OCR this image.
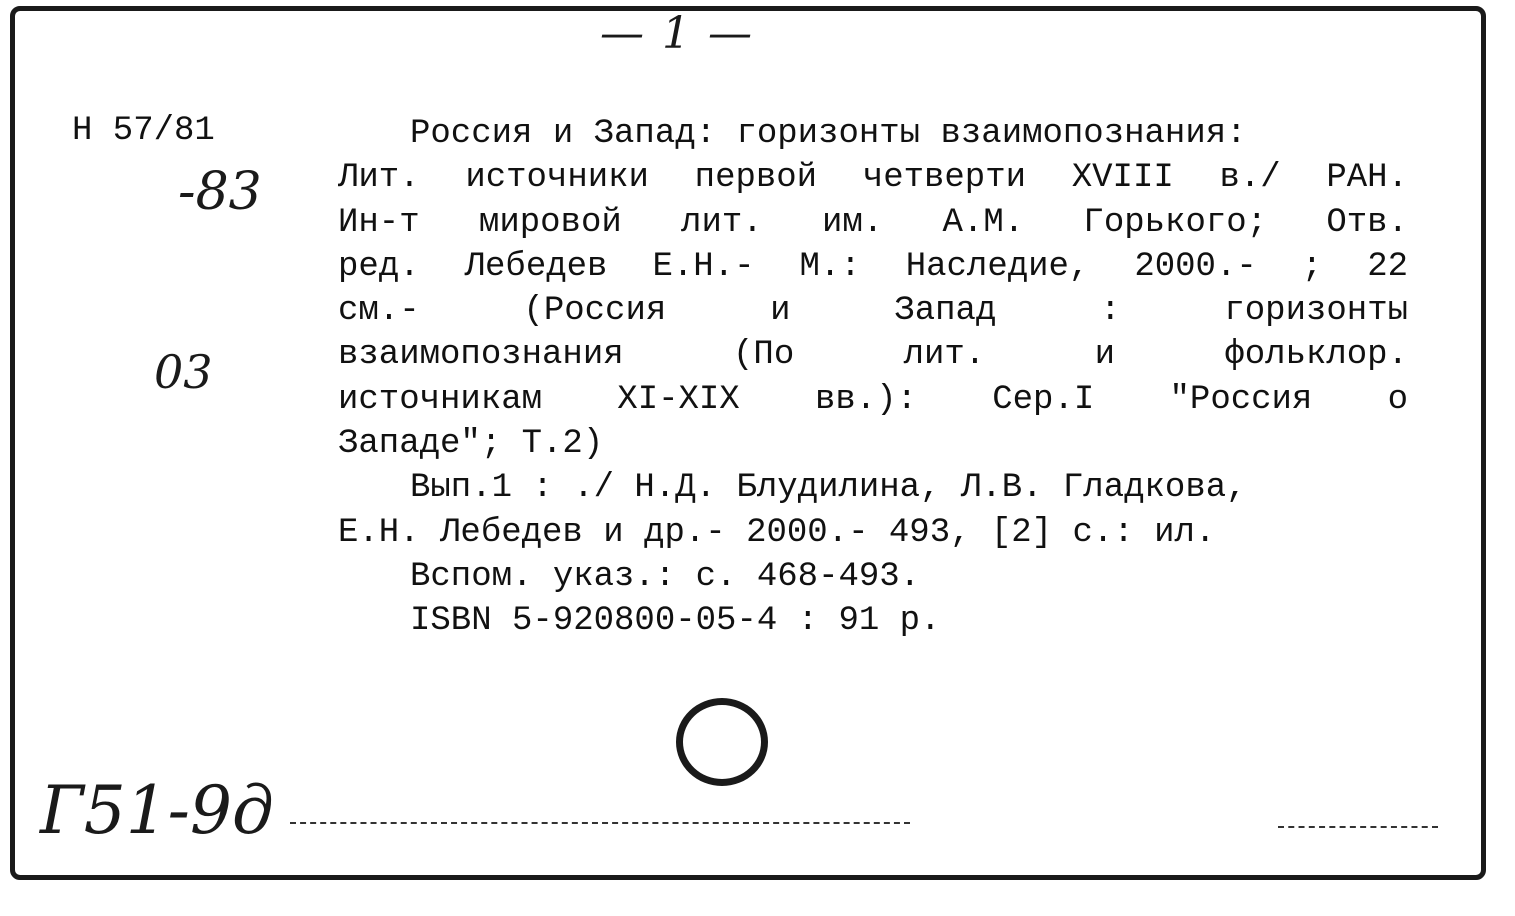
— 1 —
Н 57/81
-83
03
Г51-9д
Россия и Запад: горизонты взаимопознания:
Лит. источники первой четверти XVIII в./ РАН.
Ин-т мировой лит. им. А.М. Горького; Отв.
ред. Лебедев Е.Н.- М.: Наследие, 2000.- ; 22
см.- (Россия и Запад : горизонты
взаимопознания (По лит. и фольклор.
источникам XI-XIX вв.): Сер.I "Россия о
Западе"; Т.2)
Вып.1 : ./ Н.Д. Блудилина, Л.В. Гладкова,
Е.Н. Лебедев и др.- 2000.- 493, [2] с.: ил.
Вспом. указ.: с. 468-493.
ISBN 5-920800-05-4 : 91 р.
